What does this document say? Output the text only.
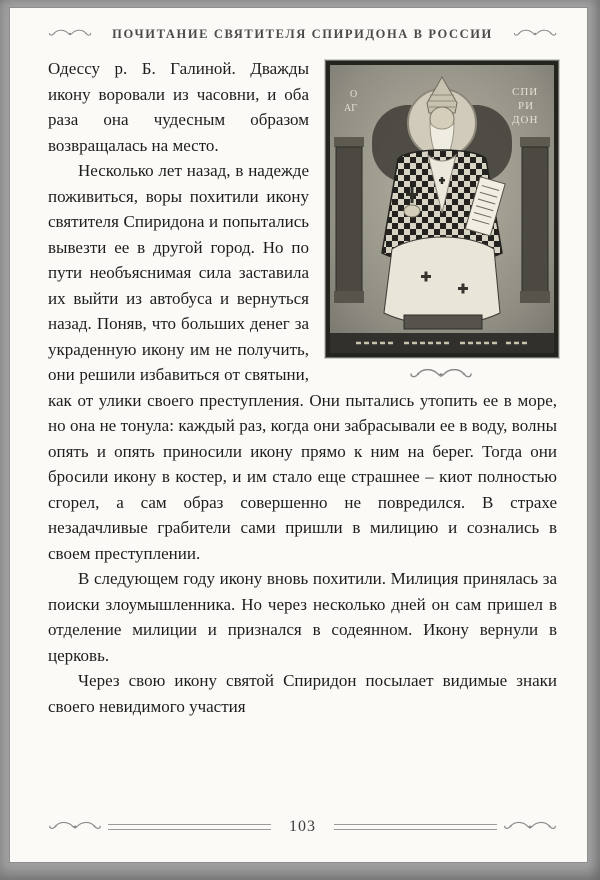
ПОЧИТАНИЕ СВЯТИТЕЛЯ СПИРИДОНА В РОССИИ
О
АГ
СПИ
РИ
ДОН

Одессу р. Б. Галиной. Дважды икону воровали из часовни, и оба раза она чудесным образом возвращалась на место.

Несколько лет назад, в надежде поживиться, воры похитили икону святителя Спиридона и попытались вывезти ее в другой город. Но по пути необъяснимая сила заставила их выйти из автобуса и вернуться назад. Поняв, что больших денег за украденную икону им не получить, они решили избавиться от святыни, как от улики своего преступления. Они пытались утопить ее в море, но она не тонула: каждый раз, когда они забрасывали ее в воду, волны опять и опять приносили икону прямо к ним на берег. Тогда они бросили икону в костер, и им стало еще страшнее – киот полностью сгорел, а сам образ совершенно не повредился. В страхе незадачливые грабители сами пришли в милицию и сознались в своем преступлении.

В следующем году икону вновь похитили. Милиция принялась за поиски злоумышленника. Но через несколько дней он сам пришел в отделение милиции и признался в содеянном. Икону вернули в церковь.

Через свою икону святой Спиридон посылает видимые знаки своего невидимого участия

103
